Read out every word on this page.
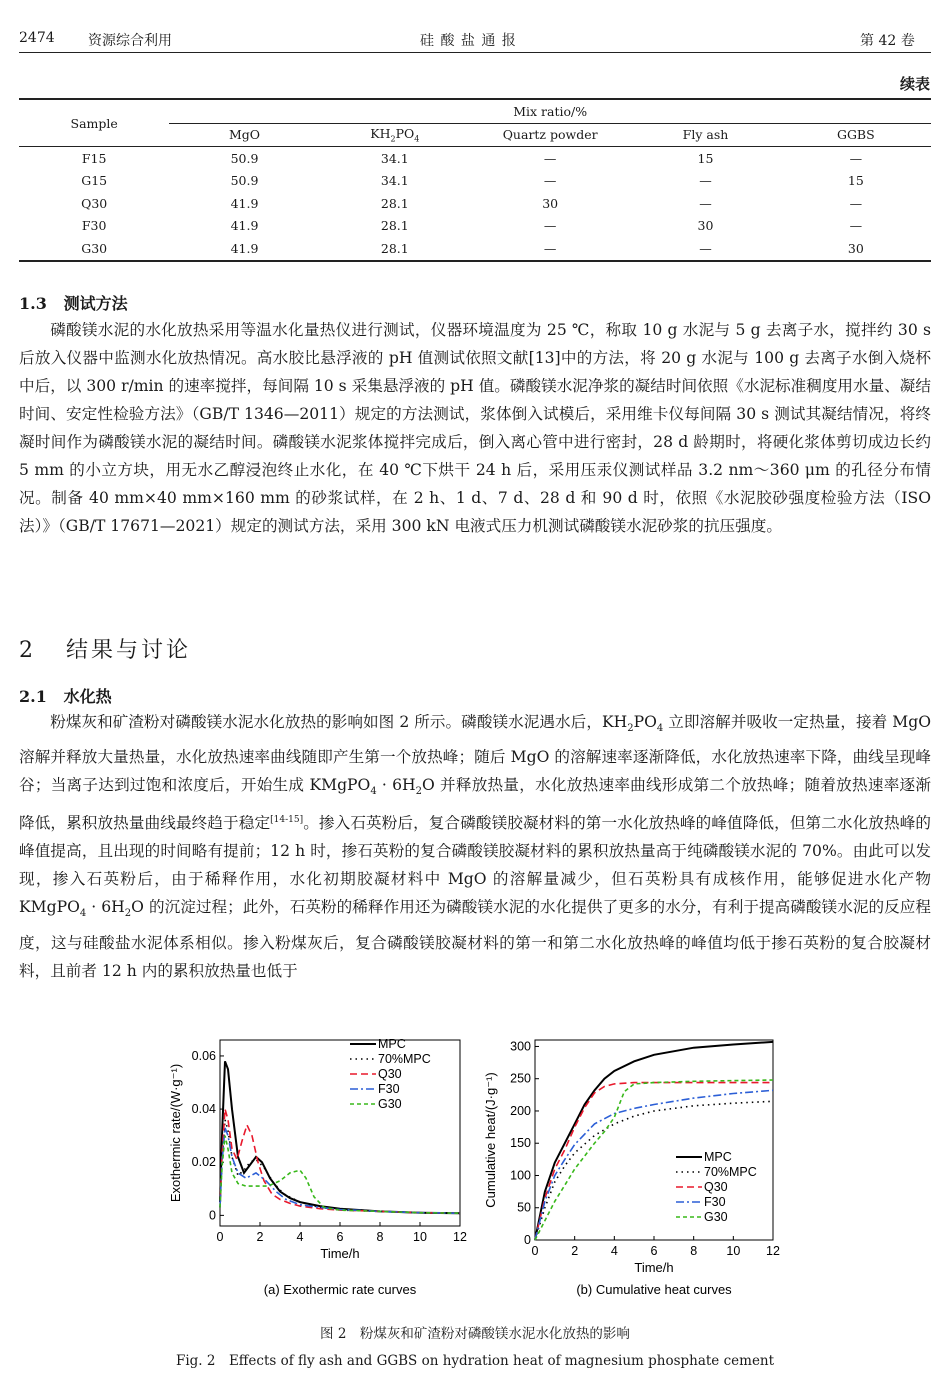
2474 资源综合利用	硅 酸 盐 通 报	第 42 卷
续表
Sample	Mix ratio/%				
	MgO	$KH_2PO_4$	Quartz powder	Fly ash	GGBS
F15	50.9	34.1	—	15	—
G15	50.9	34.1	—	—	15
Q30	41.9	28.1	30	—	—
F30	41.9	28.1	—	30	—
G30	41.9	28.1	—	—	30
1.3 测试方法

磷酸镁水泥的水化放热采用等温水化量热仪进行测试，仪器环境温度为 25 ℃，称取 10 g 水泥与 5 g 去离子水，搅拌约 30 s 后放入仪器中监测水化放热情况。高水胶比悬浮液的 pH 值测试依照文献[13]中的方法，将 20 g 水泥与 100 g 去离子水倒入烧杯中后，以 300 r/min 的速率搅拌，每间隔 10 s 采集悬浮液的 pH 值。磷酸镁水泥净浆的凝结时间依照《水泥标准稠度用水量、凝结时间、安定性检验方法》（GB/T 1346—2011）规定的方法测试，浆体倒入试模后，采用维卡仪每间隔 30 s 测试其凝结情况，将终凝时间作为磷酸镁水泥的凝结时间。磷酸镁水泥浆体搅拌完成后，倒入离心管中进行密封，28 d 龄期时，将硬化浆体剪切成边长约 5 mm 的小立方块，用无水乙醇浸泡终止水化，在 40 ℃下烘干 24 h 后，采用压汞仪测试样品 3.2 nm～360 μm 的孔径分布情况。制备 40 mm×40 mm×160 mm 的砂浆试样，在 2 h、1 d、7 d、28 d 和 90 d 时，依照《水泥胶砂强度检验方法（ISO 法）》（GB/T 17671—2021）规定的测试方法，采用 300 kN 电液式压力机测试磷酸镁水泥砂浆的抗压强度。

2 结果与讨论
2.1 水化热

粉煤灰和矿渣粉对磷酸镁水泥水化放热的影响如图 2 所示。磷酸镁水泥遇水后，$KH_2PO_4$ 立即溶解并吸收一定热量，接着 MgO 溶解并释放大量热量，水化放热速率曲线随即产生第一个放热峰；随后 MgO 的溶解速率逐渐降低，水化放热速率下降，曲线呈现峰谷；当离子达到过饱和浓度后，开始生成 KMgPO$_4$ · $6H_2O$ 并释放热量，水化放热速率曲线形成第二个放热峰；随着放热速率逐渐降低，累积放热量曲线最终趋于稳定[14-15]。掺入石英粉后，复合磷酸镁胶凝材料的第一水化放热峰的峰值降低，但第二水化放热峰的峰值提高，且出现的时间略有提前；12 h 时，掺石英粉的复合磷酸镁胶凝材料的累积放热量高于纯磷酸镁水泥的 70%。由此可以发现，掺入石英粉后，由于稀释作用，水化初期胶凝材料中 MgO 的溶解量减少，但石英粉具有成核作用，能够促进水化产物 KMgPO$_4$ · $6H_2O$ 的沉淀过程；此外，石英粉的稀释作用还为磷酸镁水泥的水化提供了更多的水分，有利于提高磷酸镁水泥的反应程度，这与硅酸盐水泥体系相似。掺入粉煤灰后，复合磷酸镁胶凝材料的第一和第二水化放热峰的峰值均低于掺石英粉的复合胶凝材料，且前者 12 h 内的累积放热量也低于

0	2	4	6	8 10 12
0
0.02
0.04
0.06
Time/h
Exothermic rate/(W·g⁻¹)
(a) Exothermic rate curves
MPC
70%MPC
Q30
F30
G30
0	2	4	6	8 10 12
0
50
100
150
200
250
300
Time/h
Cumulative heat/(J·g⁻¹)
(b) Cumulative heat curves
MPC
70%MPC
Q30
F30
G30
图 2　粉煤灰和矿渣粉对磷酸镁水泥水化放热的影响
Fig. 2　Effects of fly ash and GGBS on hydration heat of magnesium phosphate cement
